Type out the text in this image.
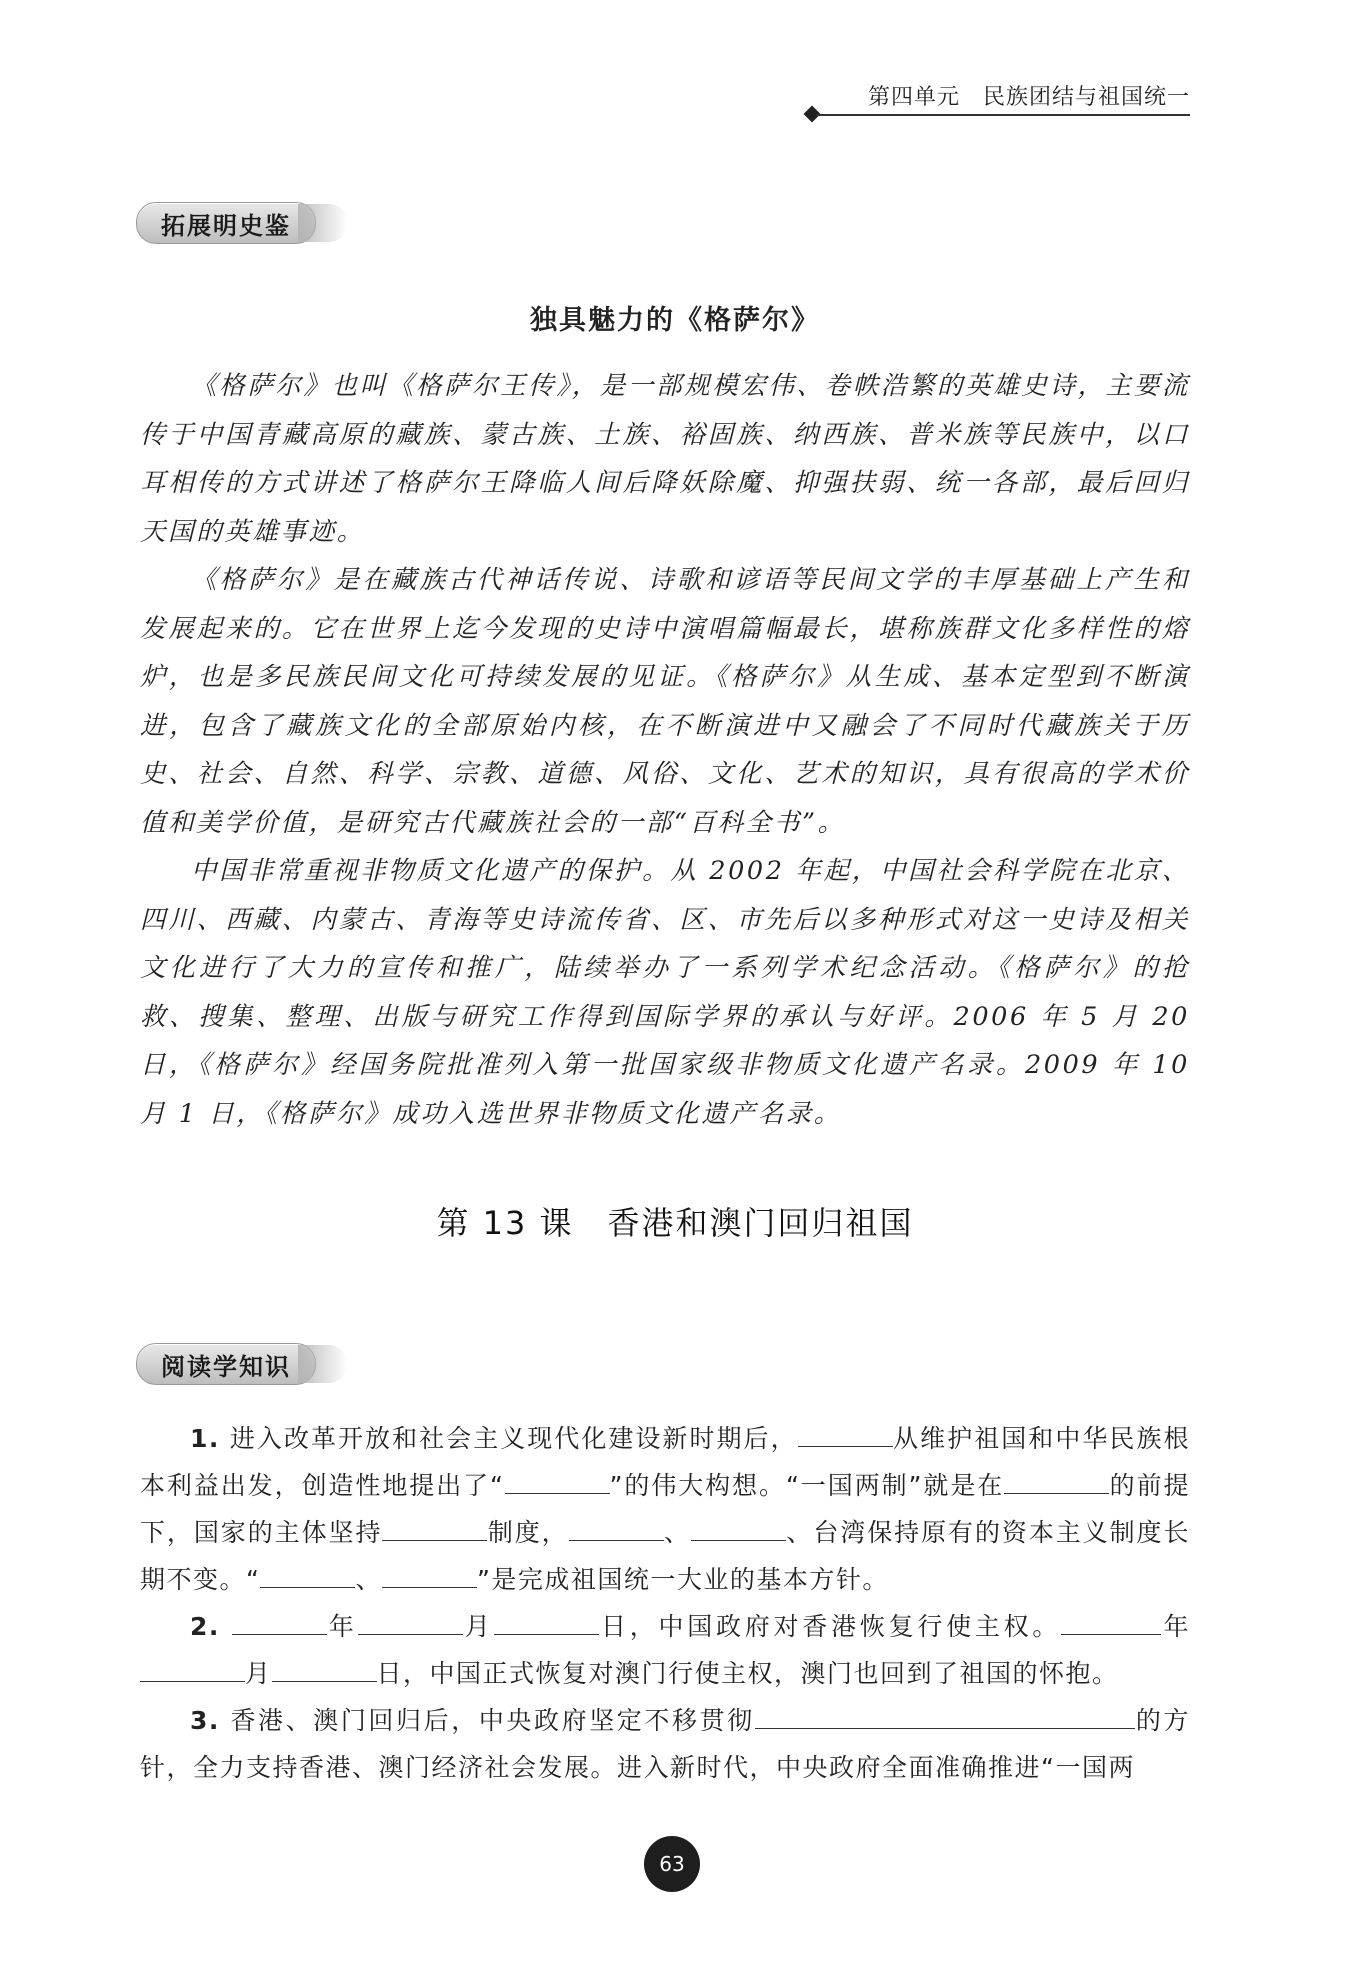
第四单元　民族团结与祖国统一
拓展明史鉴
独具魅力的《格萨尔》

《格萨尔》也叫《格萨尔王传》，是一部规模宏伟、卷帙浩繁的英雄史诗，主要流传于中国青藏高原的藏族、蒙古族、土族、裕固族、纳西族、普米族等民族中，以口耳相传的方式讲述了格萨尔王降临人间后降妖除魔、抑强扶弱、统一各部，最后回归天国的英雄事迹。

《格萨尔》是在藏族古代神话传说、诗歌和谚语等民间文学的丰厚基础上产生和发展起来的。它在世界上迄今发现的史诗中演唱篇幅最长，堪称族群文化多样性的熔炉，也是多民族民间文化可持续发展的见证。《格萨尔》从生成、基本定型到不断演进，包含了藏族文化的全部原始内核，在不断演进中又融会了不同时代藏族关于历史、社会、自然、科学、宗教、道德、风俗、文化、艺术的知识，具有很高的学术价值和美学价值，是研究古代藏族社会的一部“百科全书”。

中国非常重视非物质文化遗产的保护。从 2002 年起，中国社会科学院在北京、四川、西藏、内蒙古、青海等史诗流传省、区、市先后以多种形式对这一史诗及相关文化进行了大力的宣传和推广，陆续举办了一系列学术纪念活动。《格萨尔》的抢救、搜集、整理、出版与研究工作得到国际学界的承认与好评。2006 年 5 月 20 日，《格萨尔》经国务院批准列入第一批国家级非物质文化遗产名录。2009 年 10 月 1 日，《格萨尔》成功入选世界非物质文化遗产名录。

第 13 课　香港和澳门回归祖国
阅读学知识

1. 进入改革开放和社会主义现代化建设新时期后，	从维护祖国和中华民族根本利益出发，创造性地提出了“	”的伟大构想。“一国两制”就是在	的前提下，国家的主体坚持	制度，	、	、台湾保持原有的资本主义制度长期不变。“	、	”是完成祖国统一大业的基本方针。

2.	年	月	日，中国政府对香港恢复行使主权。	年月	日，中国正式恢复对澳门行使主权，澳门也回到了祖国的怀抱。

3. 香港、澳门回归后，中央政府坚定不移贯彻	的方针，全力支持香港、澳门经济社会发展。进入新时代，中央政府全面准确推进“一国两

63
